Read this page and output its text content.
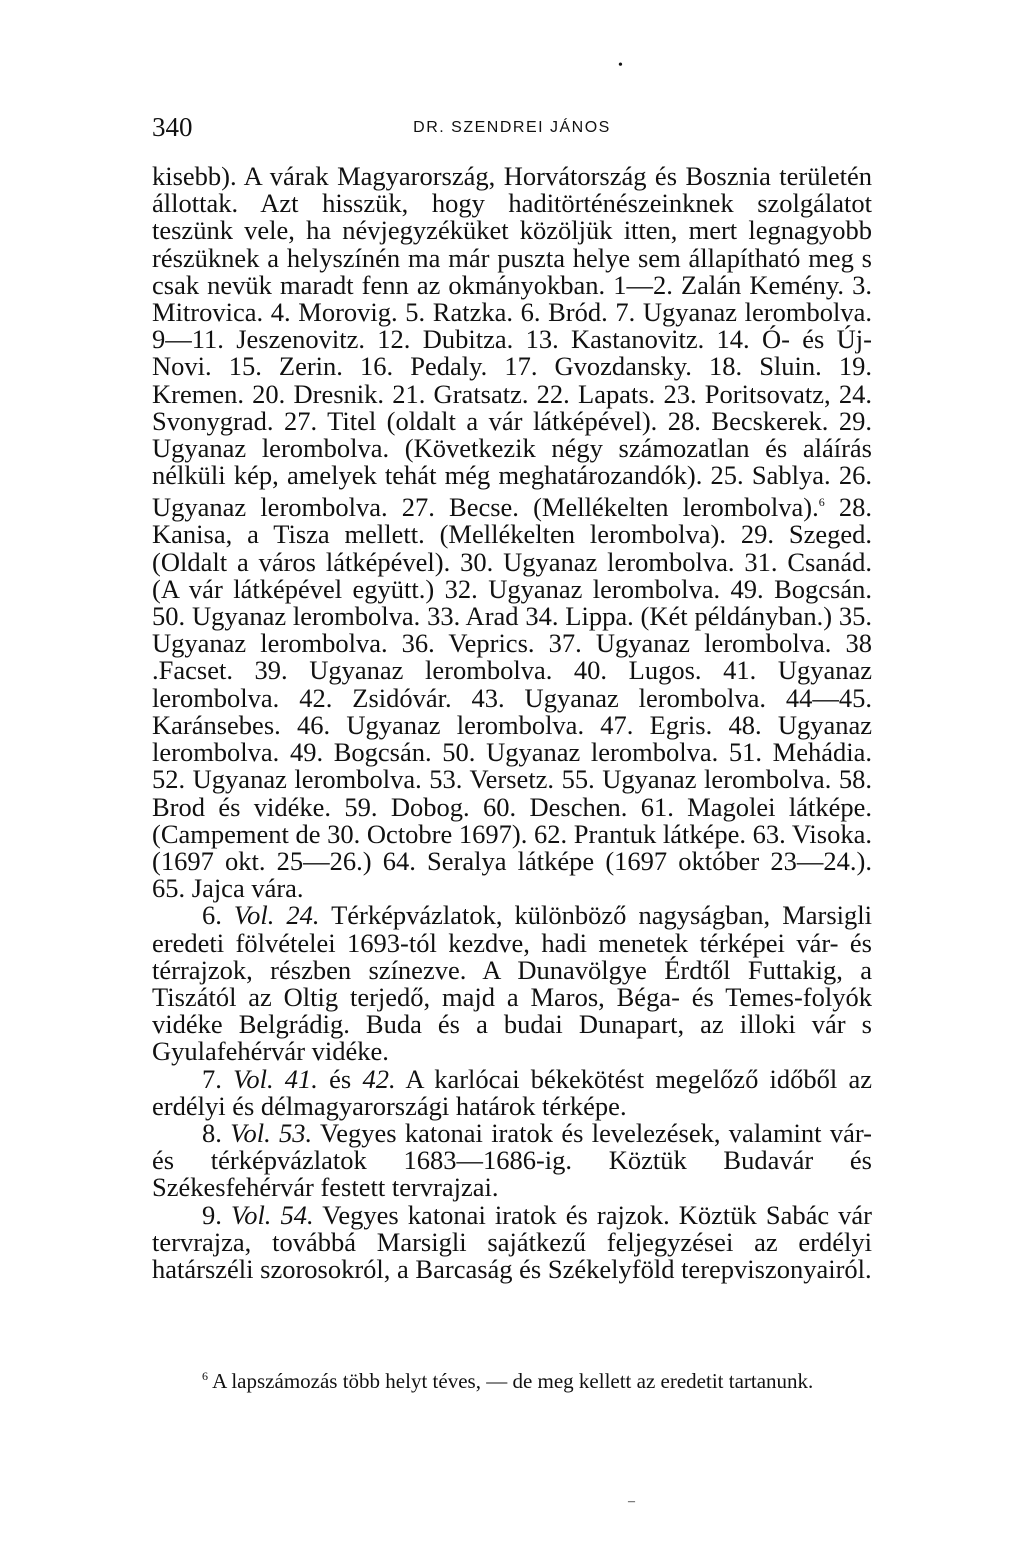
•
340	DR. SZENDREI JÁNOS

kisebb). A várak Magyarország, Horvátország és Bosznia területén állottak. Azt hisszük, hogy haditörténészeinknek szolgálatot teszünk vele, ha névjegyzéküket közöljük itten, mert legnagyobb részüknek a helyszínén ma már puszta helye sem állapítható meg s csak nevük maradt fenn az okmányokban. 1—2. Zalán Kemény. 3. Mitrovica. 4. Morovig. 5. Ratzka. 6. Bród. 7. Ugyanaz lerombolva. 9—11. Jeszenovitz. 12. Dubitza. 13. Kastanovitz. 14. Ó- és Új-Novi. 15. Zerin. 16. Pedaly. 17. Gvozdansky. 18. Sluin. 19. Kremen. 20. Dresnik. 21. Gratsatz. 22. Lapats. 23. Poritsovatz, 24. Svonygrad. 27. Titel (oldalt a vár látképével). 28. Becskerek. 29. Ugyanaz lerombolva. (Következik négy számozatlan és aláírás nélküli kép, amelyek tehát még meghatározandók). 25. Sablya. 26. Ugyanaz lerombolva. 27. Becse. (Mellékelten lerombolva).$^6$ 28. Kanisa, a Tisza mellett. (Mellékelten lerombolva). 29. Szeged. (Oldalt a város látképével). 30. Ugyanaz lerombolva. 31. Csanád. (A vár látképével együtt.) 32. Ugyanaz lerombolva. 49. Bogcsán. 50. Ugyanaz lerombolva. 33. Arad 34. Lippa. (Két példányban.) 35. Ugyanaz lerombolva. 36. Veprics. 37. Ugyanaz lerombolva. 38 .Facset. 39. Ugyanaz lerombolva. 40. Lugos. 41. Ugyanaz lerombolva. 42. Zsidóvár. 43. Ugyanaz lerombolva. 44—45. Karánsebes. 46. Ugyanaz lerombolva. 47. Egris. 48. Ugyanaz lerombolva. 49. Bogcsán. 50. Ugyanaz lerombolva. 51. Mehádia. 52. Ugyanaz lerombolva. 53. Versetz. 55. Ugyanaz lerombolva. 58. Brod és vidéke. 59. Dobog. 60. Deschen. 61. Magolei látképe. (Campement de 30. Octobre 1697). 62. Prantuk látképe. 63. Visoka. (1697 okt. 25—26.) 64. Seralya látképe (1697 október 23—24.). 65. Jajca vára.

6. Vol. 24. Térképvázlatok, különböző nagyságban, Marsigli eredeti fölvételei 1693-tól kezdve, hadi menetek térképei vár- és térrajzok, részben színezve. A Dunavölgye Érdtől Futtakig, a Tiszától az Oltig terjedő, majd a Maros, Béga- és Temes-folyók vidéke Belgrádig. Buda és a budai Dunapart, az illoki vár s Gyulafehérvár vidéke.

7. Vol. 41. és 42. A karlócai békekötést megelőző időből az erdélyi és délmagyarországi határok térképe.

8. Vol. 53. Vegyes katonai iratok és levelezések, valamint vár- és térképvázlatok 1683—1686-ig. Köztük Budavár és Székesfehérvár festett tervrajzai.

9. Vol. 54. Vegyes katonai iratok és rajzok. Köztük Sabác vár tervrajza, továbbá Marsigli sajátkezű feljegyzései az erdélyi határszéli szorosokról, a Barcaság és Székelyföld terepviszonyairól.

$^6$ A lapszámozás több helyt téves, — de meg kellett az eredetit tartanunk.
–
